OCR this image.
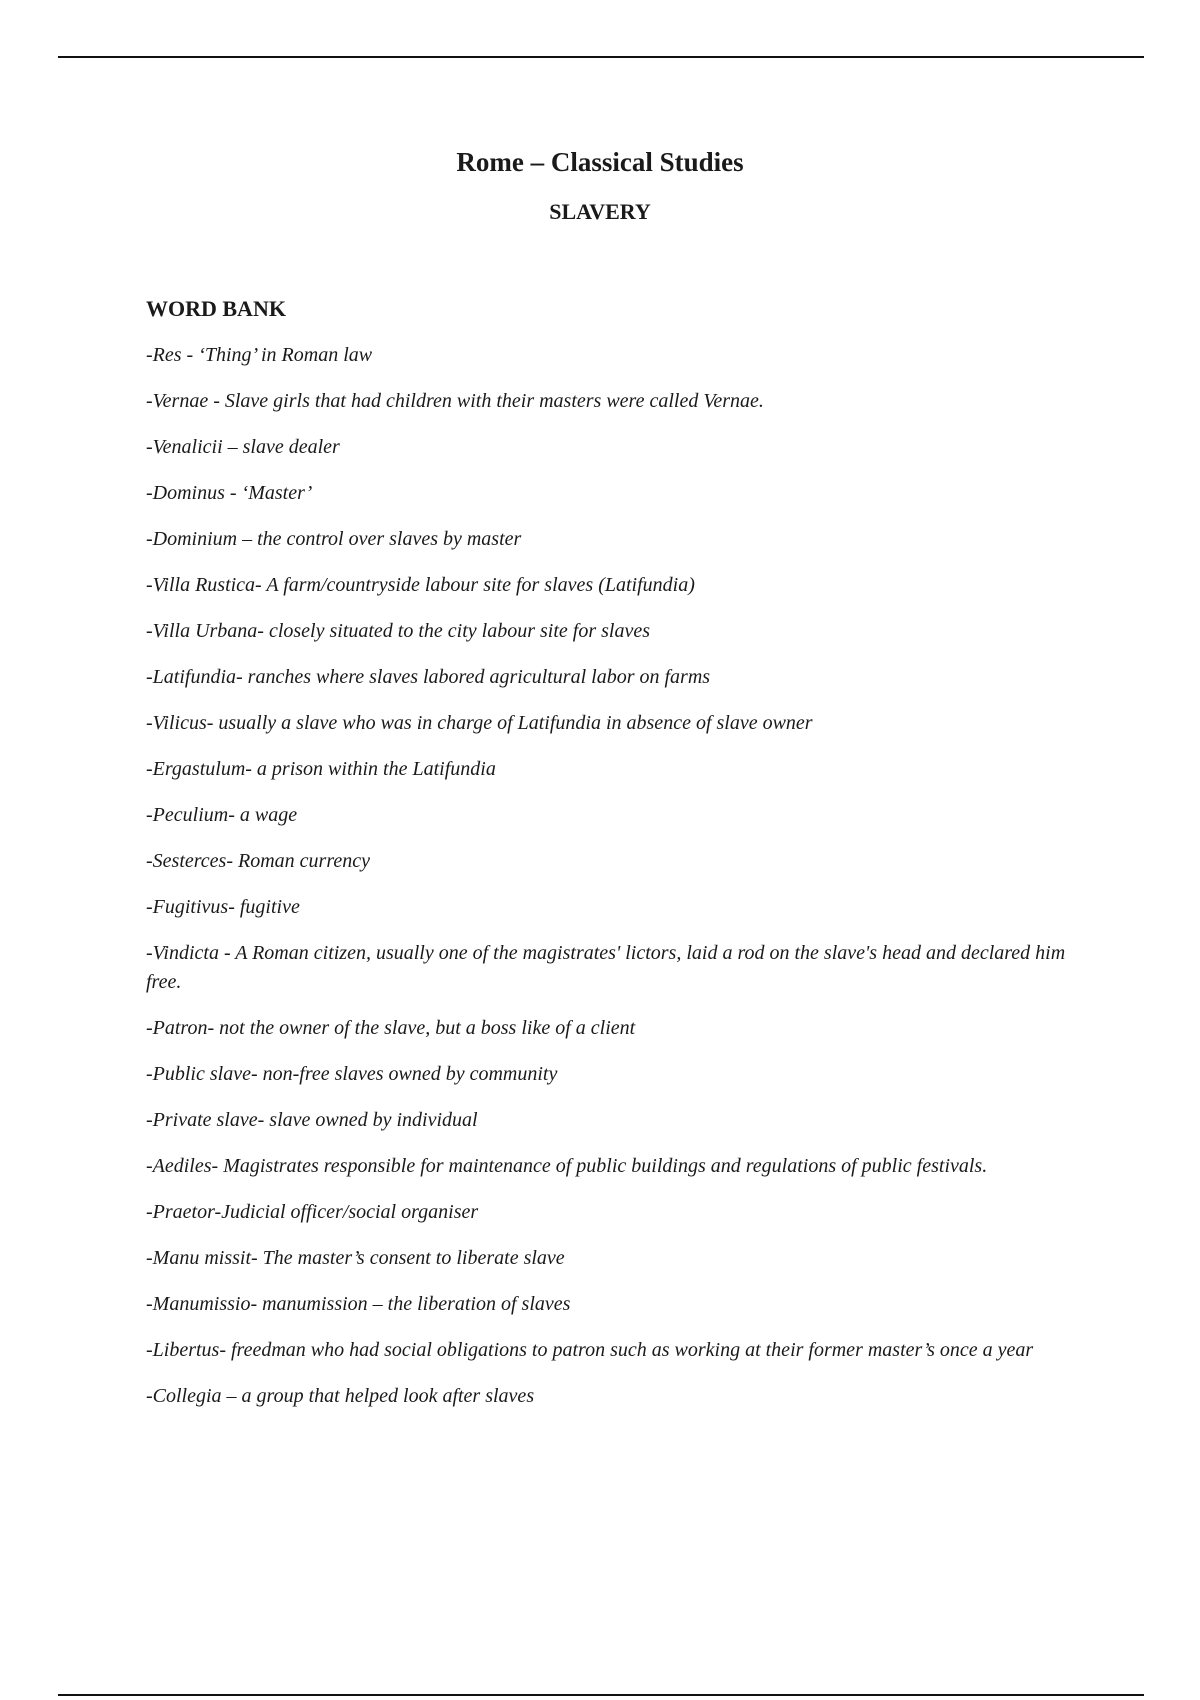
Rome – Classical Studies
SLAVERY
WORD BANK
-Res - ‘Thing’ in Roman law
-Vernae - Slave girls that had children with their masters were called Vernae.
-Venalicii – slave dealer
-Dominus - ‘Master’
-Dominium – the control over slaves by master
-Villa Rustica- A farm/countryside labour site for slaves (Latifundia)
-Villa Urbana- closely situated to the city labour site for slaves
-Latifundia- ranches where slaves labored agricultural labor on farms
-Vilicus- usually a slave who was in charge of Latifundia in absence of slave owner
-Ergastulum- a prison within the Latifundia
-Peculium- a wage
-Sesterces- Roman currency
-Fugitivus- fugitive
-Vindicta - A Roman citizen, usually one of the magistrates' lictors, laid a rod on the slave's head and declared him free.
-Patron- not the owner of the slave, but a boss like of a client
-Public slave- non-free slaves owned by community
-Private slave- slave owned by individual
-Aediles- Magistrates responsible for maintenance of public buildings and regulations of public festivals.
-Praetor-Judicial officer/social organiser
-Manu missit- The master’s consent to liberate slave
-Manumissio- manumission – the liberation of slaves
-Libertus- freedman who had social obligations to patron such as working at their former master’s once a year
-Collegia – a group that helped look after slaves
